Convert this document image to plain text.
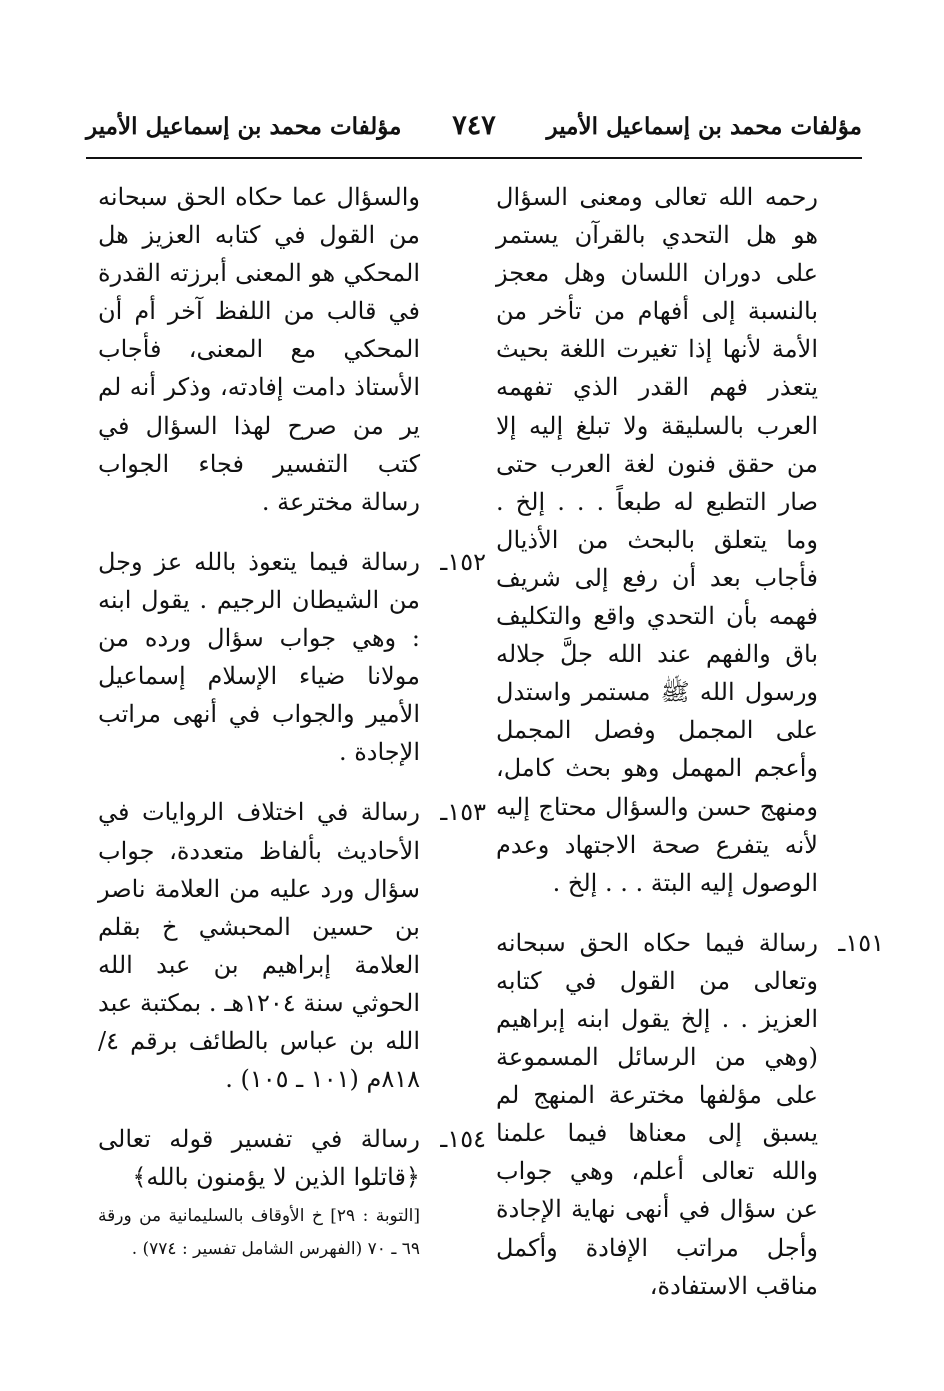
مؤلفات محمد بن إسماعيل الأمير
٧٤٧
مؤلفات محمد بن إسماعيل الأمير

رحمه الله تعالى ومعنى السؤال هو هل التحدي بالقرآن يستمر على دوران اللسان وهل معجز بالنسبة إلى أفهام من تأخر من الأمة لأنها إذا تغيرت اللغة بحيث يتعذر فهم القدر الذي تفهمه العرب بالسليقة ولا تبلغ إليه إلا من حقق فنون لغة العرب حتى صار التطبع له طبعاً . . . إلخ . وما يتعلق بالبحث من الأذيال فأجاب بعد أن رفع إلى شريف فهمه بأن التحدي واقع والتكليف باق والفهم عند الله جلَّ جلاله ورسول الله ﷺ مستمر واستدل على المجمل وفصل المجمل وأعجم المهمل وهو بحث كامل، ومنهج حسن والسؤال محتاج إليه لأنه يتفرع صحة الاجتهاد وعدم الوصول إليه البتة . . . إلخ .

١٥١ـ
رسالة فيما حكاه الحق سبحانه وتعالى من القول في كتابه العزيز . . إلخ يقول ابنه إبراهيم (وهي من الرسائل المسموعة على مؤلفها مخترعة المنهج لم يسبق إلى معناها فيما علمنا والله تعالى أعلم، وهي جواب عن سؤال في أنهى نهاية الإجادة وأجل مراتب الإفادة وأكمل مناقب الاستفادة،

والسؤال عما حكاه الحق سبحانه من القول في كتابه العزيز هل المحكي هو المعنى أبرزته القدرة في قالب من اللفظ آخر أم أن المحكي مع المعنى، فأجاب الأستاذ دامت إفادته، وذكر أنه لم ير من صرح لهذا السؤال في كتب التفسير فجاء الجواب رسالة مخترعة .

١٥٢ـ
رسالة فيما يتعوذ بالله عز وجل من الشيطان الرجيم . يقول ابنه : وهي جواب سؤال ورده من مولانا ضياء الإسلام إسماعيل الأمير والجواب في أنهى مراتب الإجادة .
١٥٣ـ
رسالة في اختلاف الروايات في الأحاديث بألفاظ متعددة، جواب سؤال ورد عليه من العلامة ناصر بن حسين المحبشي خ بقلم العلامة إبراهيم بن عبد الله الحوثي سنة ١٢٠٤هـ . بمكتبة عبد الله بن عباس بالطائف برقم ٤/ ٨١٨م (١٠١ ـ ١٠٥) .
١٥٤ـ
رسالة في تفسير قوله تعالى ﴿قاتلوا الذين لا يؤمنون بالله﴾
[التوبة : ٢٩] خ الأوقاف بالسليمانية من ورقة ٦٩ ـ ٧٠ (الفهرس الشامل تفسير : ٧٧٤) .
